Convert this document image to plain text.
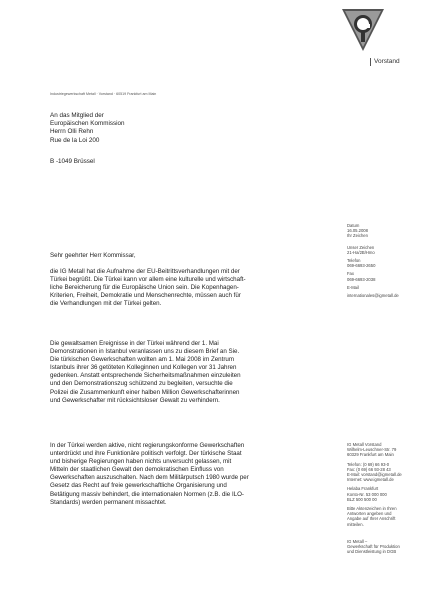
Vorstand
Industriegewerkschaft Metall · Vorstand · 60519 Frankfurt am Main
An das Mitglied der
Europäischen Kommission
Herrn Olli Rehn
Rue de la Loi 200
B -1049 Brüssel
Datum
16.05.2008
Ihr Zeichen
Unser Zeichen
21-Ha/2B/Hmo
Telefon
069-6693-2650
Fax
069-6693-2038
E-Mail
internationales@igmetall.de
IG Metall Vorstand
Wilhelm-Leuschner-Str. 79
60329 Frankfurt am Main
Telefon: (0 69) 66 93-0
Fax: (0 69) 66 93-28 43
E-Mail: vorstand@igmetall.de
Internet: www.igmetall.de
Helaba Frankfurt
Konto-Nr. 53 000 000
BLZ 500 500 00
Bitte Aktenzeichen in Ihren
Antworten angeben und
Angabe auf Ihrer Anschrift
mitteilen.
IG Metall –
Gewerkschaft für Produktion
und Dienstleistung in DGB
Sehr geehrter Herr Kommissar,
die IG Metall hat die Aufnahme der EU-Beitrittsverhandlungen mit der
Türkei begrüßt. Die Türkei kann vor allem eine kulturelle und wirtschaft-
liche Bereicherung für die Europäische Union sein. Die Kopenhagen-
Kriterien, Freiheit, Demokratie und Menschenrechte, müssen auch für
die Verhandlungen mit der Türkei gelten.
Die gewaltsamen Ereignisse in der Türkei während der 1. Mai
Demonstrationen in Istanbul veranlassen uns zu diesem Brief an Sie.
Die türkischen Gewerkschaften wollten am 1. Mai 2008 im Zentrum
Istanbuls ihrer 36 getöteten Kolleginnen und Kollegen vor 31 Jahren
gedenken. Anstatt entsprechende Sicherheitsmaßnahmen einzuleiten
und den Demonstrationszug schützend zu begleiten, versuchte die
Polizei die Zusammenkunft einer halben Million Gewerkschafterinnen
und Gewerkschafter mit rücksichtsloser Gewalt zu verhindern.
In der Türkei werden aktive, nicht regierungskonforme Gewerkschaften
unterdrückt und ihre Funktionäre politisch verfolgt. Der türkische Staat
und bisherige Regierungen haben nichts unversucht gelassen, mit
Mitteln der staatlichen Gewalt den demokratischen Einfluss von
Gewerkschaften auszuschalten. Nach dem Militärputsch 1980 wurde per
Gesetz das Recht auf freie gewerkschaftliche Organisierung und
Betätigung massiv behindert, die internationalen Normen (z.B. die ILO-
Standards) werden permanent missachtet.
